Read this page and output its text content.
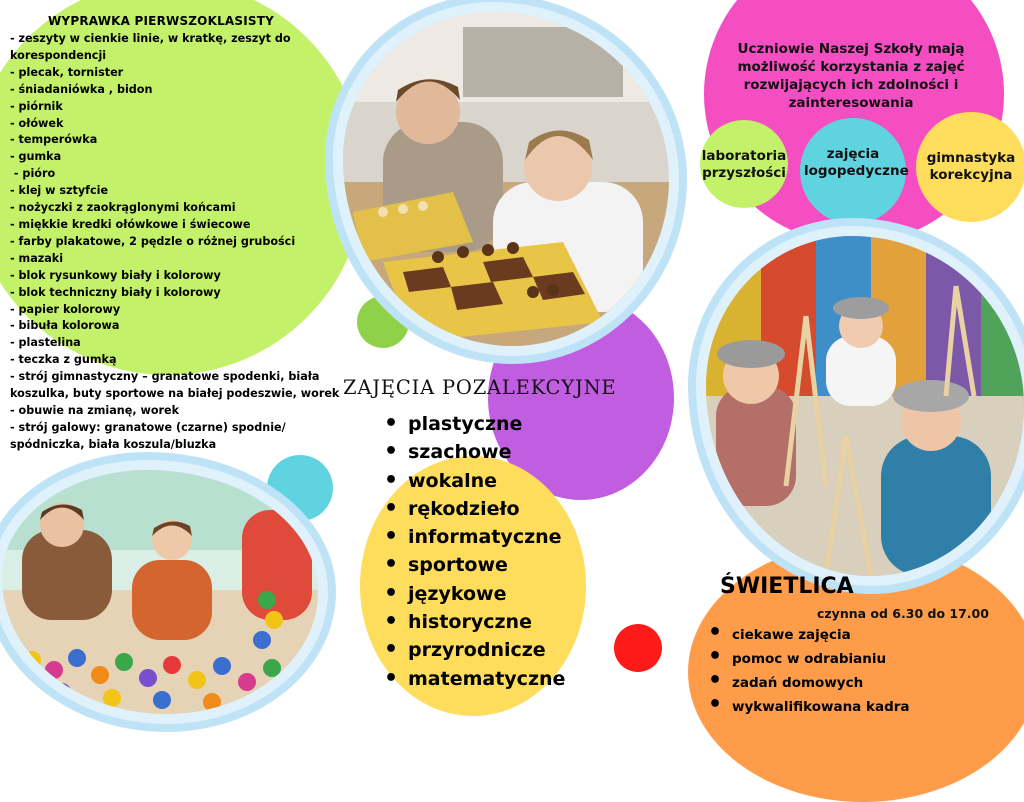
WYPRAWKA PIERWSZOKLASISTY
- zeszyty w cienkie linie, w kratkę, zeszyt do
korespondencji
- plecak, tornister
- śniadaniówka , bidon
- piórnik
- ołówek
- temperówka
- gumka
- pióro
- klej w sztyfcie
- nożyczki z zaokrąglonymi końcami
- miękkie kredki ołówkowe i świecowe
- farby plakatowe, 2 pędzle o różnej grubości
- mazaki
- blok rysunkowy biały i kolorowy
- blok techniczny biały i kolorowy
- papier kolorowy
- bibuła kolorowa
- plastelina
- teczka z gumką
- strój gimnastyczny – granatowe spodenki, biała
koszulka, buty sportowe na białej podeszwie, worek
- obuwie na zmianę, worek
- strój galowy: granatowe (czarne) spodnie/
spódniczka, biała koszula/bluzka
ZAJĘCIA POZALEKCYJNE
• plastyczne
• szachowe
• wokalne
• rękodzieło
• informatyczne
• sportowe
• językowe
• historyczne
• przyrodnicze
• matematyczne
Uczniowie Naszej Szkoły mają możliwość korzystania z zajęć rozwijających ich zdolności i zainteresowania
laboratoria przyszłości
zajęcia logopedyczne
gimnastyka korekcyjna
ŚWIETLICA
czynna od 6.30 do 17.00
• ciekawe zajęcia
• pomoc w odrabianiu
• zadań domowych
• wykwalifikowana kadra
